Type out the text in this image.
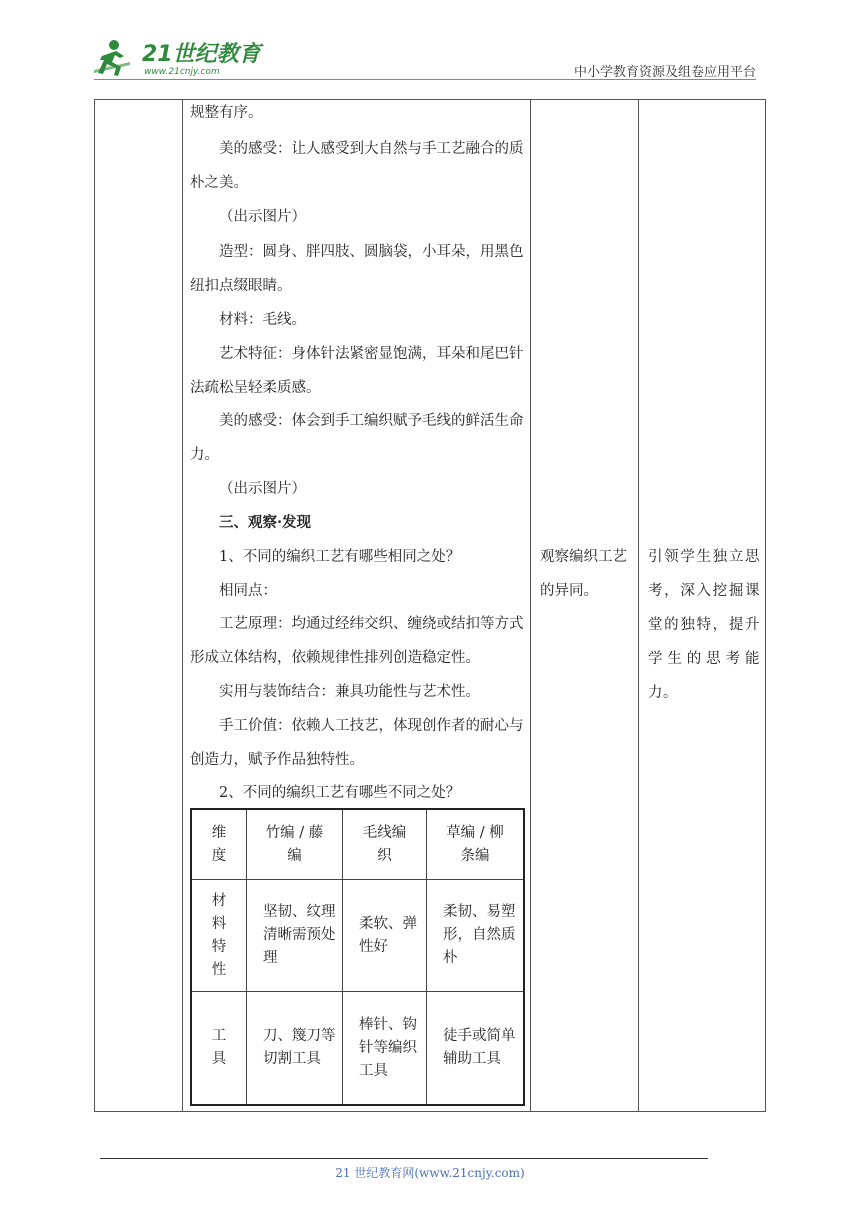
21世纪教育
www.21cnjy.com	中小学教育资源及组卷应用平台

规整有序。

美的感受：让人感受到大自然与手工艺融合的质朴之美。

（出示图片）

造型：圆身、胖四肢、圆脑袋，小耳朵，用黑色纽扣点缀眼睛。

材料：毛线。

艺术特征：身体针法紧密显饱满，耳朵和尾巴针法疏松呈轻柔质感。

美的感受：体会到手工编织赋予毛线的鲜活生命力。

（出示图片）

三、观察·发现

1、不同的编织工艺有哪些相同之处？

相同点：

工艺原理：均通过经纬交织、缠绕或结扣等方式形成立体结构，依赖规律性排列创造稳定性。

实用与装饰结合：兼具功能性与艺术性。

手工价值：依赖人工技艺，体现创作者的耐心与创造力，赋予作品独特性。

2、不同的编织工艺有哪些不同之处？

维度	竹编 / 藤编	毛线编织	草编 / 柳条编
材料特性	坚韧、纹理清晰需预处理	柔软、弹性好	柔韧、易塑形，自然质朴
工具	刀、篾刀等切割工具	棒针、钩针等编织工具	徒手或简单辅助工具
观察编织工艺的异同。
引领学生独立思考，深入挖掘课堂的独特，提升学生的思考能力。
21 世纪教育网(www.21cnjy.com)
